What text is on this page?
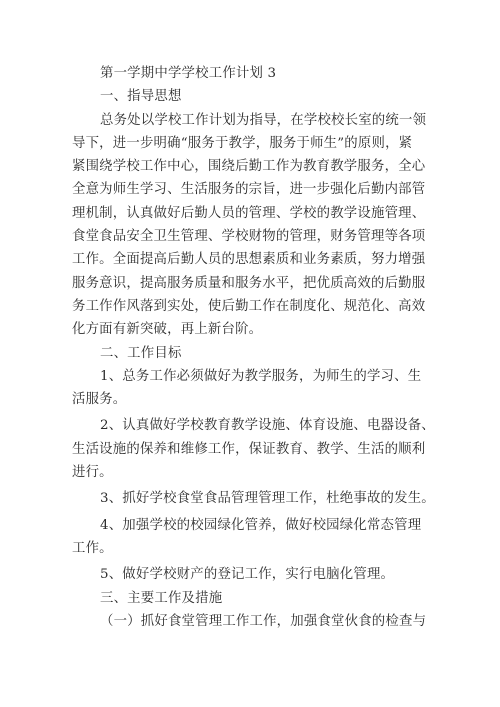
第一学期中学学校工作计划 3
一、指导思想
总务处以学校工作计划为指导，在学校校长室的统一领
导下，进一步明确“服务于教学，服务于师生”的原则，紧
紧围绕学校工作中心，围绕后勤工作为教育教学服务，全心
全意为师生学习、生活服务的宗旨，进一步强化后勤内部管
理机制，认真做好后勤人员的管理、学校的教学设施管理、
食堂食品安全卫生管理、学校财物的管理，财务管理等各项
工作。全面提高后勤人员的思想素质和业务素质，努力增强
服务意识，提高服务质量和服务水平，把优质高效的后勤服
务工作作风落到实处，使后勤工作在制度化、规范化、高效
化方面有新突破，再上新台阶。
二、工作目标
1、总务工作必须做好为教学服务，为师生的学习、生
活服务。
2、认真做好学校教育教学设施、体育设施、电器设备、
生活设施的保养和维修工作，保证教育、教学、生活的顺利
进行。
3、抓好学校食堂食品管理管理工作，杜绝事故的发生。
4、加强学校的校园绿化管养，做好校园绿化常态管理
工作。
5、做好学校财产的登记工作，实行电脑化管理。
三、主要工作及措施
（一）抓好食堂管理工作工作，加强食堂伙食的检查与
